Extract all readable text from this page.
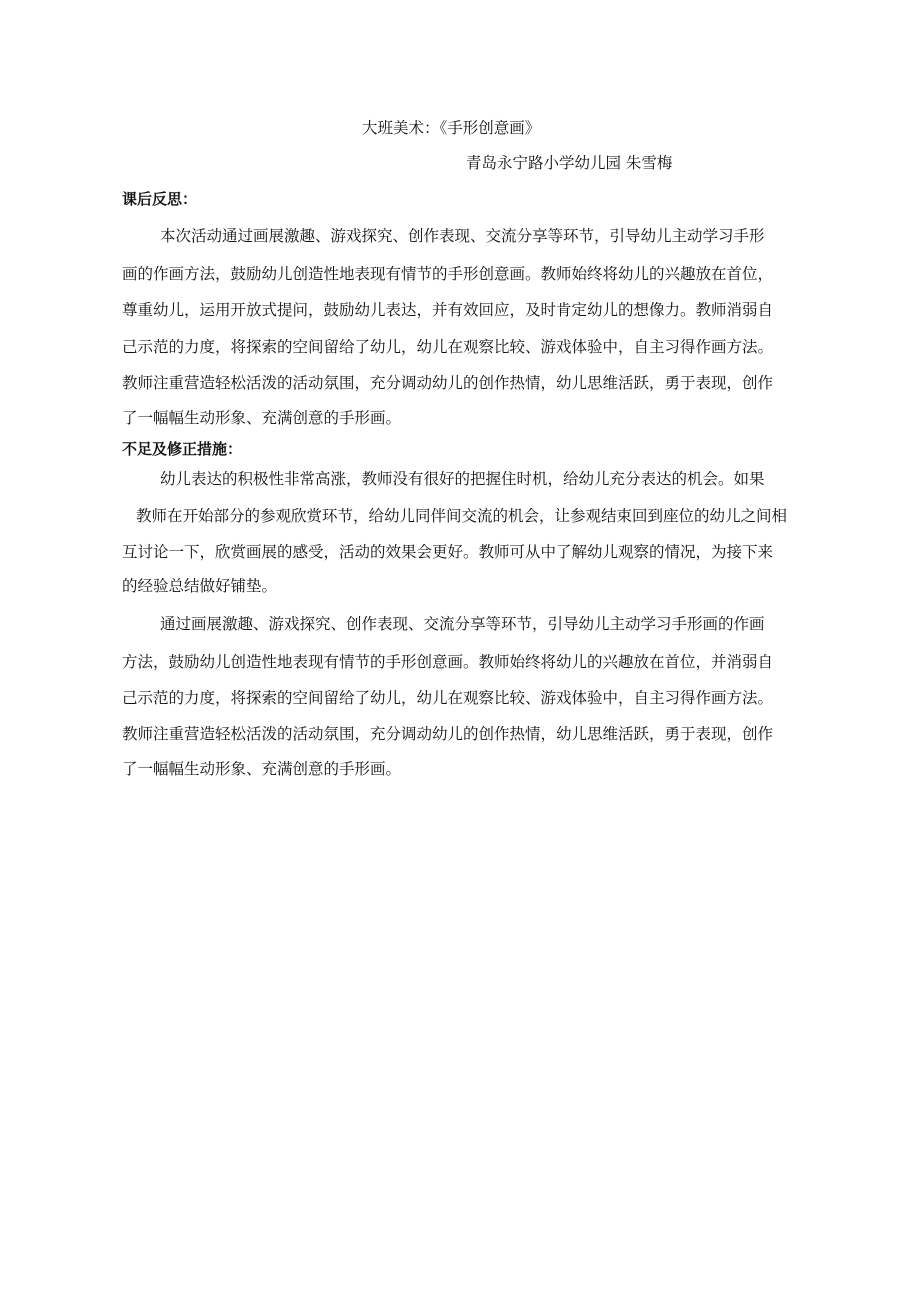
大班美术：《手形创意画》
青岛永宁路小学幼儿园 朱雪梅
课后反思：
本次活动通过画展激趣、游戏探究、创作表现、交流分享等环节，引导幼儿主动学习手形
画的作画方法，鼓励幼儿创造性地表现有情节的手形创意画。教师始终将幼儿的兴趣放在首位，
尊重幼儿，运用开放式提问，鼓励幼儿表达，并有效回应，及时肯定幼儿的想像力。教师消弱自
己示范的力度，将探索的空间留给了幼儿，幼儿在观察比较、游戏体验中，自主习得作画方法。
教师注重营造轻松活泼的活动氛围，充分调动幼儿的创作热情，幼儿思维活跃，勇于表现，创作
了一幅幅生动形象、充满创意的手形画。
不足及修正措施：
幼儿表达的积极性非常高涨，教师没有很好的把握住时机，给幼儿充分表达的机会。如果
教师在开始部分的参观欣赏环节，给幼儿同伴间交流的机会，让参观结束回到座位的幼儿之间相
互讨论一下，欣赏画展的感受，活动的效果会更好。教师可从中了解幼儿观察的情况，为接下来
的经验总结做好铺垫。
通过画展激趣、游戏探究、创作表现、交流分享等环节，引导幼儿主动学习手形画的作画
方法，鼓励幼儿创造性地表现有情节的手形创意画。教师始终将幼儿的兴趣放在首位，并消弱自
己示范的力度，将探索的空间留给了幼儿，幼儿在观察比较、游戏体验中，自主习得作画方法。
教师注重营造轻松活泼的活动氛围，充分调动幼儿的创作热情，幼儿思维活跃，勇于表现，创作
了一幅幅生动形象、充满创意的手形画。
